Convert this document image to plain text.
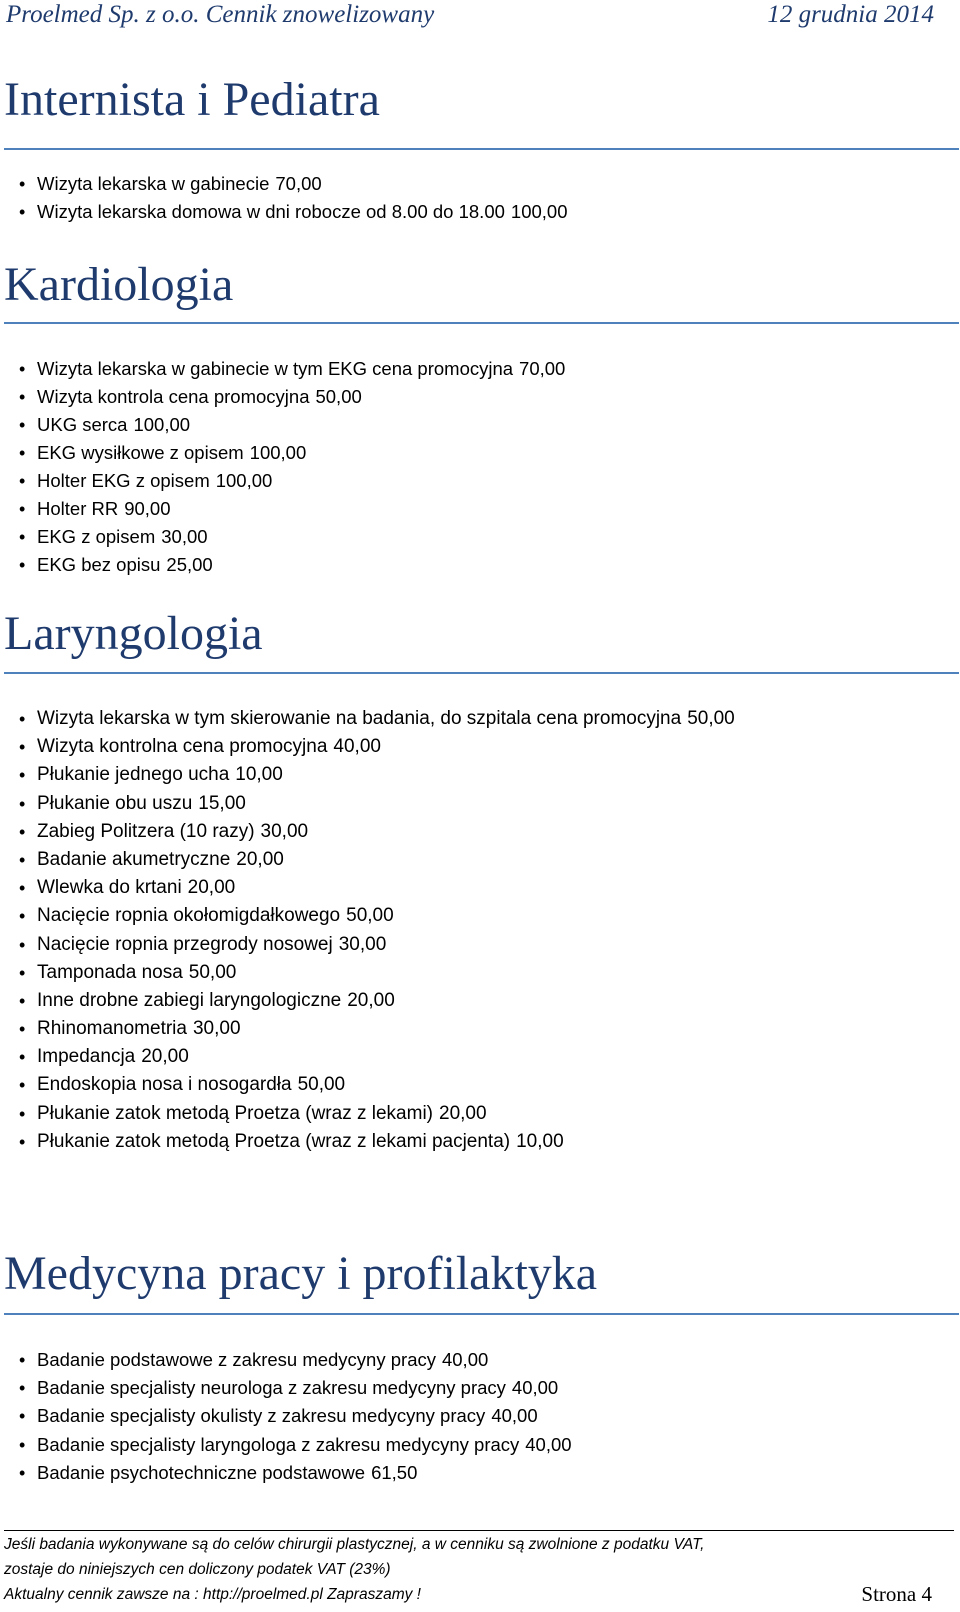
Proelmed Sp. z o.o. Cennik znowelizowany	12 grudnia 2014
Internista i Pediatra
• Wizyta lekarska w gabinecie 70,00
• Wizyta lekarska domowa w dni robocze od 8.00 do 18.00 100,00
Kardiologia
• Wizyta lekarska w gabinecie w tym EKG cena promocyjna 70,00
• Wizyta kontrola cena promocyjna 50,00
• UKG serca 100,00
• EKG wysiłkowe z opisem 100,00
• Holter EKG z opisem 100,00
• Holter RR 90,00
• EKG z opisem 30,00
• EKG bez opisu 25,00
Laryngologia
• Wizyta lekarska w tym skierowanie na badania, do szpitala cena promocyjna 50,00
• Wizyta kontrolna cena promocyjna 40,00
• Płukanie jednego ucha 10,00
• Płukanie obu uszu 15,00
• Zabieg Politzera (10 razy) 30,00
• Badanie akumetryczne 20,00
• Wlewka do krtani 20,00
• Nacięcie ropnia okołomigdałkowego 50,00
• Nacięcie ropnia przegrody nosowej 30,00
• Tamponada nosa 50,00
• Inne drobne zabiegi laryngologiczne 20,00
• Rhinomanometria 30,00
• Impedancja 20,00
• Endoskopia nosa i nosogardła 50,00
• Płukanie zatok metodą Proetza (wraz z lekami) 20,00
• Płukanie zatok metodą Proetza (wraz z lekami pacjenta) 10,00
Medycyna pracy i profilaktyka
• Badanie podstawowe z zakresu medycyny pracy 40,00
• Badanie specjalisty neurologa z zakresu medycyny pracy 40,00
• Badanie specjalisty okulisty z zakresu medycyny pracy 40,00
• Badanie specjalisty laryngologa z zakresu medycyny pracy 40,00
• Badanie psychotechniczne podstawowe 61,50
Jeśli badania wykonywane są do celów chirurgii plastycznej, a w cenniku są zwolnione z podatku VAT,
zostaje do niniejszych cen doliczony podatek VAT (23%)
Aktualny cennik zawsze na : http://proelmed.pl Zapraszamy !	Strona 4
